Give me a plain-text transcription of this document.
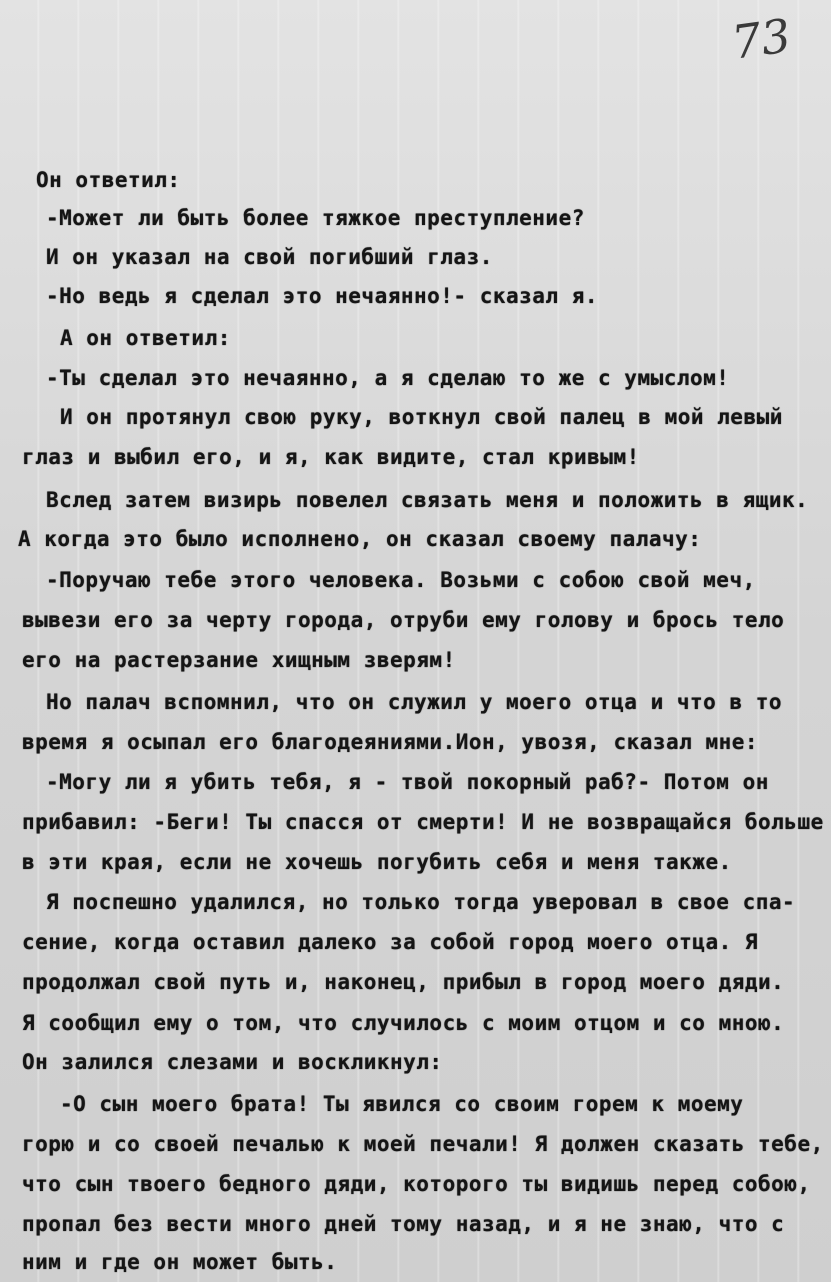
73
Он ответил:
-Может ли быть более тяжкое преступление?
И он указал на свой погибший глаз.
-Но ведь я сделал это нечаянно!- сказал я.
А он ответил:
-Ты сделал это нечаянно, а я сделаю то же с умыслом!
И он протянул свою руку, воткнул свой палец в мой левый
глаз и выбил его, и я, как видите, стал кривым!
Вслед затем визирь повелел связать меня и положить в ящик.
А когда это было исполнено, он сказал своему палачу:
-Поручаю тебе этого человека. Возьми с собою свой меч,
вывези его за черту города, отруби ему голову и брось тело
его на растерзание хищным зверям!
Но палач вспомнил, что он служил у моего отца и что в то
время я осыпал его благодеяниями.Ион, увозя, сказал мне:
-Могу ли я убить тебя, я - твой покорный раб?- Потом он
прибавил: -Беги! Ты спасся от смерти! И не возвращайся больше
в эти края, если не хочешь погубить себя и меня также.
Я поспешно удалился, но только тогда уверовал в свое спа-
сение, когда оставил далеко за собой город моего отца. Я
продолжал свой путь и, наконец, прибыл в город моего дяди.
Я сообщил ему о том, что случилось с моим отцом и со мною.
Он залился слезами и воскликнул:
-О сын моего брата! Ты явился со своим горем к моему
горю и со своей печалью к моей печали! Я должен сказать тебе,
что сын твоего бедного дяди, которого ты видишь перед собою,
пропал без вести много дней тому назад, и я не знаю, что с
ним и где он может быть.
